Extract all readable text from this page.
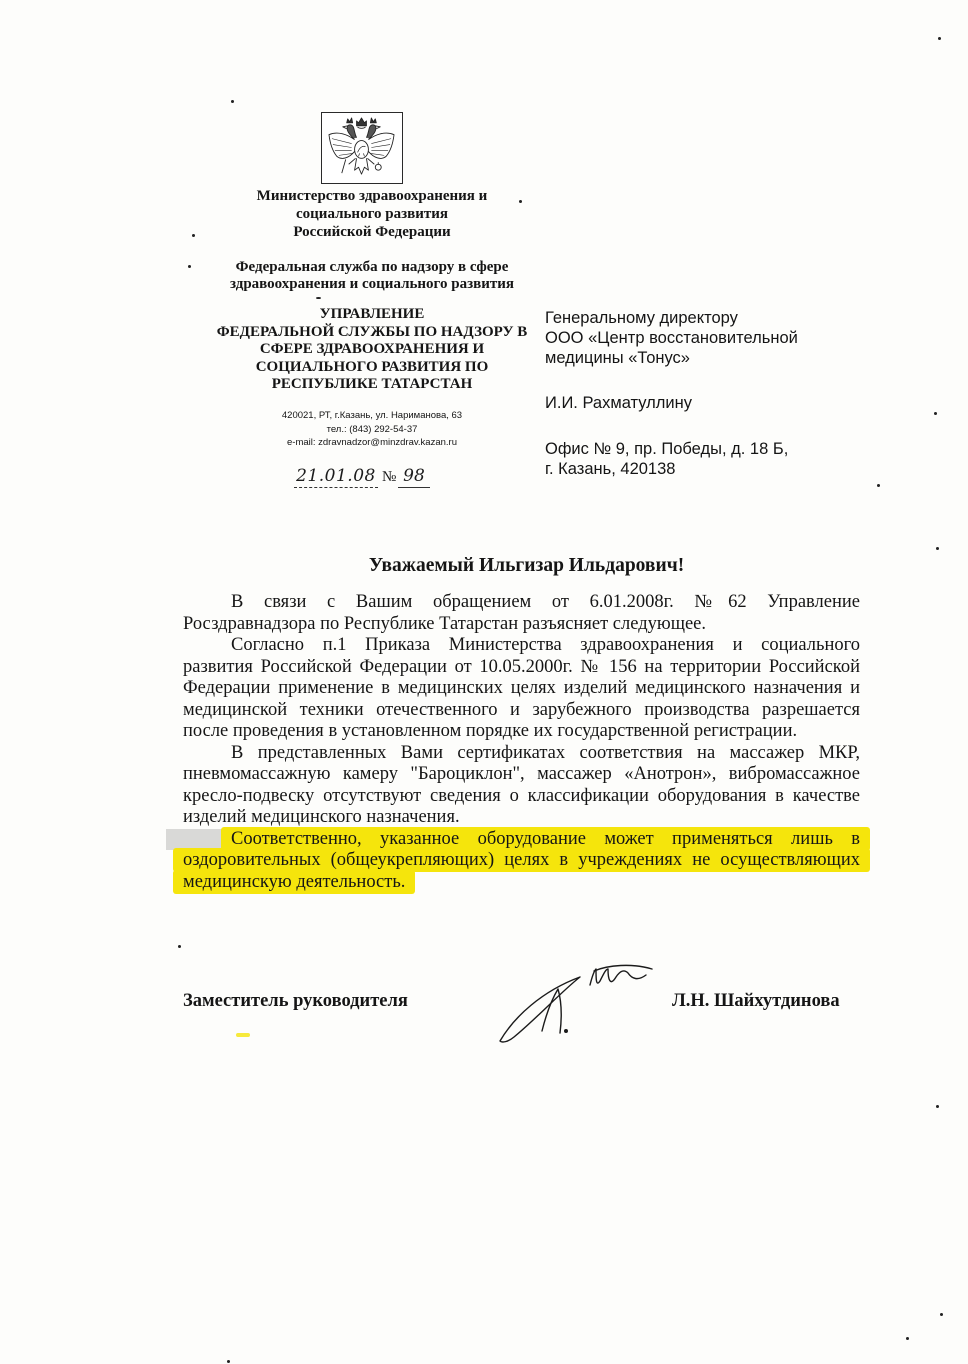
Министерство здравоохранения и
социального развития
Российской Федерации
Федеральная служба по надзору в сфере
здравоохранения и социального развития
УПРАВЛЕНИЕ
ФЕДЕРАЛЬНОЙ СЛУЖБЫ ПО НАДЗОРУ В
СФЕРЕ ЗДРАВООХРАНЕНИЯ И
СОЦИАЛЬНОГО РАЗВИТИЯ ПО
РЕСПУБЛИКЕ ТАТАРСТАН
420021, РТ, г.Казань, ул. Нариманова, 63
тел.: (843) 292-54-37
e-mail: zdravnadzor@minzdrav.kazan.ru
21.01.08 № 98
Генеральному директору
ООО «Центр восстановительной
медицины «Тонус»
И.И. Рахматуллину
Офис № 9, пр. Победы, д. 18 Б,
г. Казань, 420138
Уважаемый Ильгизар Ильдарович!
В связи с Вашим обращением от 6.01.2008г. №62 Управление
Росздравнадзора по Республике Татарстан разъясняет следующее.
Согласно п.1 Приказа Министерства здравоохранения и социального
развития Российской Федерации от 10.05.2000г. № 156 на территории Российской
Федерации применение в медицинских целях изделий медицинского назначения и
медицинской техники отечественного и зарубежного производства разрешается
после проведения в установленном порядке их государственной регистрации.
В представленных Вами сертификатах соответствия на массажер МКР,
пневмомассажную камеру "Бароциклон", массажер «Анотрон», вибромассажное
кресло-подвеску отсутствуют сведения о классификации оборудования в качестве
изделий медицинского назначения.
Соответственно, указанное оборудование может применяться лишь в
оздоровительных (общеукрепляющих) целях в учреждениях не осуществляющих
медицинскую деятельность.
Заместитель руководителя	Л.Н. Шайхутдинова
